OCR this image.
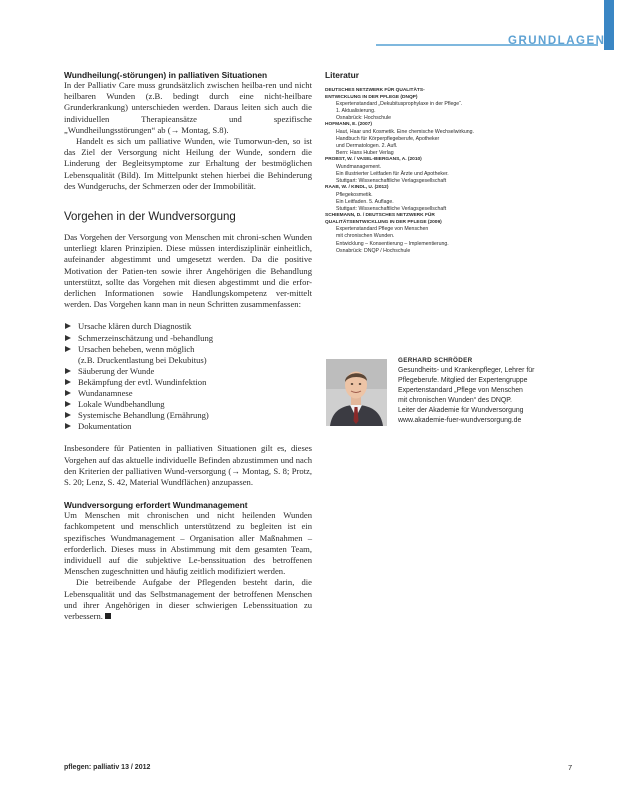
GRUNDLAGEN

Wundheilung(-störungen) in palliativen Situationen

In der Palliativ Care muss grundsätzlich zwischen heilba-ren und nicht heilbaren Wunden (z.B. bedingt durch eine nicht-heilbare Grunderkrankung) unterschieden werden. Daraus leiten sich auch die individuellen Therapieansätze und spezifische „Wundheilungsstörungen“ ab (→ Montag, S.8).

Handelt es sich um palliative Wunden, wie Tumorwun-den, so ist das Ziel der Versorgung nicht Heilung der Wunde, sondern die Linderung der Begleitsymptome zur Erhaltung der bestmöglichen Lebensqualität (Bild). Im Mittelpunkt stehen hierbei die Behinderung des Wundgeruchs, der Schmerzen oder der Immobilität.

Vorgehen in der Wundversorgung

Das Vorgehen der Versorgung von Menschen mit chroni-schen Wunden unterliegt klaren Prinzipien. Diese müssen interdisziplinär einheitlich, aufeinander abgestimmt und umgesetzt werden. Da die positive Motivation der Patien-ten sowie ihrer Angehörigen die Behandlung unterstützt, sollte das Vorgehen mit diesen abgestimmt und die erfor-derlichen Informationen sowie Handlungskompetenz ver-mittelt werden. Das Vorgehen kann man in neun Schritten zusammenfassen:

Ursache klären durch Diagnostik
Schmerzeinschätzung und -behandlung
Ursachen beheben, wenn möglich
(z.B. Druckentlastung bei Dekubitus)
Säuberung der Wunde
Bekämpfung der evtl. Wundinfektion
Wundanamnese
Lokale Wundbehandlung
Systemische Behandlung (Ernährung)
Dokumentation

Insbesondere für Patienten in palliativen Situationen gilt es, dieses Vorgehen auf das aktuelle individuelle Befinden abzustimmen und nach den Kriterien der palliativen Wund-versorgung (→ Montag, S. 8; Protz, S. 20; Lenz, S. 42, Material Wundflächen) anzupassen.

Wundversorgung erfordert Wundmanagement

Um Menschen mit chronischen und nicht heilenden Wunden fachkompetent und menschlich unterstützend zu begleiten ist ein spezifisches Wundmanagement – Organisation aller Maßnahmen – erforderlich. Dieses muss in Abstimmung mit dem gesamten Team, individuell auf die subjektive Le-benssituation des betroffenen Menschen zugeschnitten und häufig zeitlich modifiziert werden.

Die betreibende Aufgabe der Pflegenden besteht darin, die Lebensqualität und das Selbstmanagement der betroffenen Menschen und ihrer Angehörigen in dieser schwierigen Lebenssituation zu verbessern.

Literatur

DEUTSCHES NETZWERK FÜR QUALITÄTS-
ENTWICKLUNG IN DER PFLEGE (DNQP)
Expertenstandard „Dekubitusprophylaxe in der Pflege“.
1. Aktualisierung.
Osnabrück: Hochschule
HOFMANN, E. (2007)
Haut, Haar und Kosmetik. Eine chemische Wechselwirkung.
Handbuch für Körperpflegeberufe, Apotheker
und Dermatologen. 2. Aufl.
Bern: Hans Huber Verlag
PROBST, W. / VASEL-BIERGANS, A. (2010)
Wundmanagement.
Ein illustrierter Leitfaden für Ärzte und Apotheker.
Stuttgart: Wissenschaftliche Verlagsgesellschaft
RAAB, W. / KINDL, U. (2012)
Pflegekosmetik.
Ein Leitfaden. 5. Auflage.
Stuttgart: Wissenschaftliche Verlagsgesellschaft
SCHIEMANN, D. / DEUTSCHES NETZWERK FÜR
QUALITÄTSENTWICKLUNG IN DER PFLEGE (2009)
Expertenstandard Pflege von Menschen
mit chronischen Wunden.
Entwicklung – Konsentierung – Implementierung.
Osnabrück: DNQP / Hochschule

GERHARD SCHRÖDER

Gesundheits- und Krankenpfleger, Lehrer für

Pflegeberufe. Mitglied der Expertengruppe

Expertenstandard „Pflege von Menschen

mit chronischen Wunden“ des DNQP.

Leiter der Akademie für Wundversorgung

www.akademie-fuer-wundversorgung.de

pflegen: palliativ 13 / 2012	7
